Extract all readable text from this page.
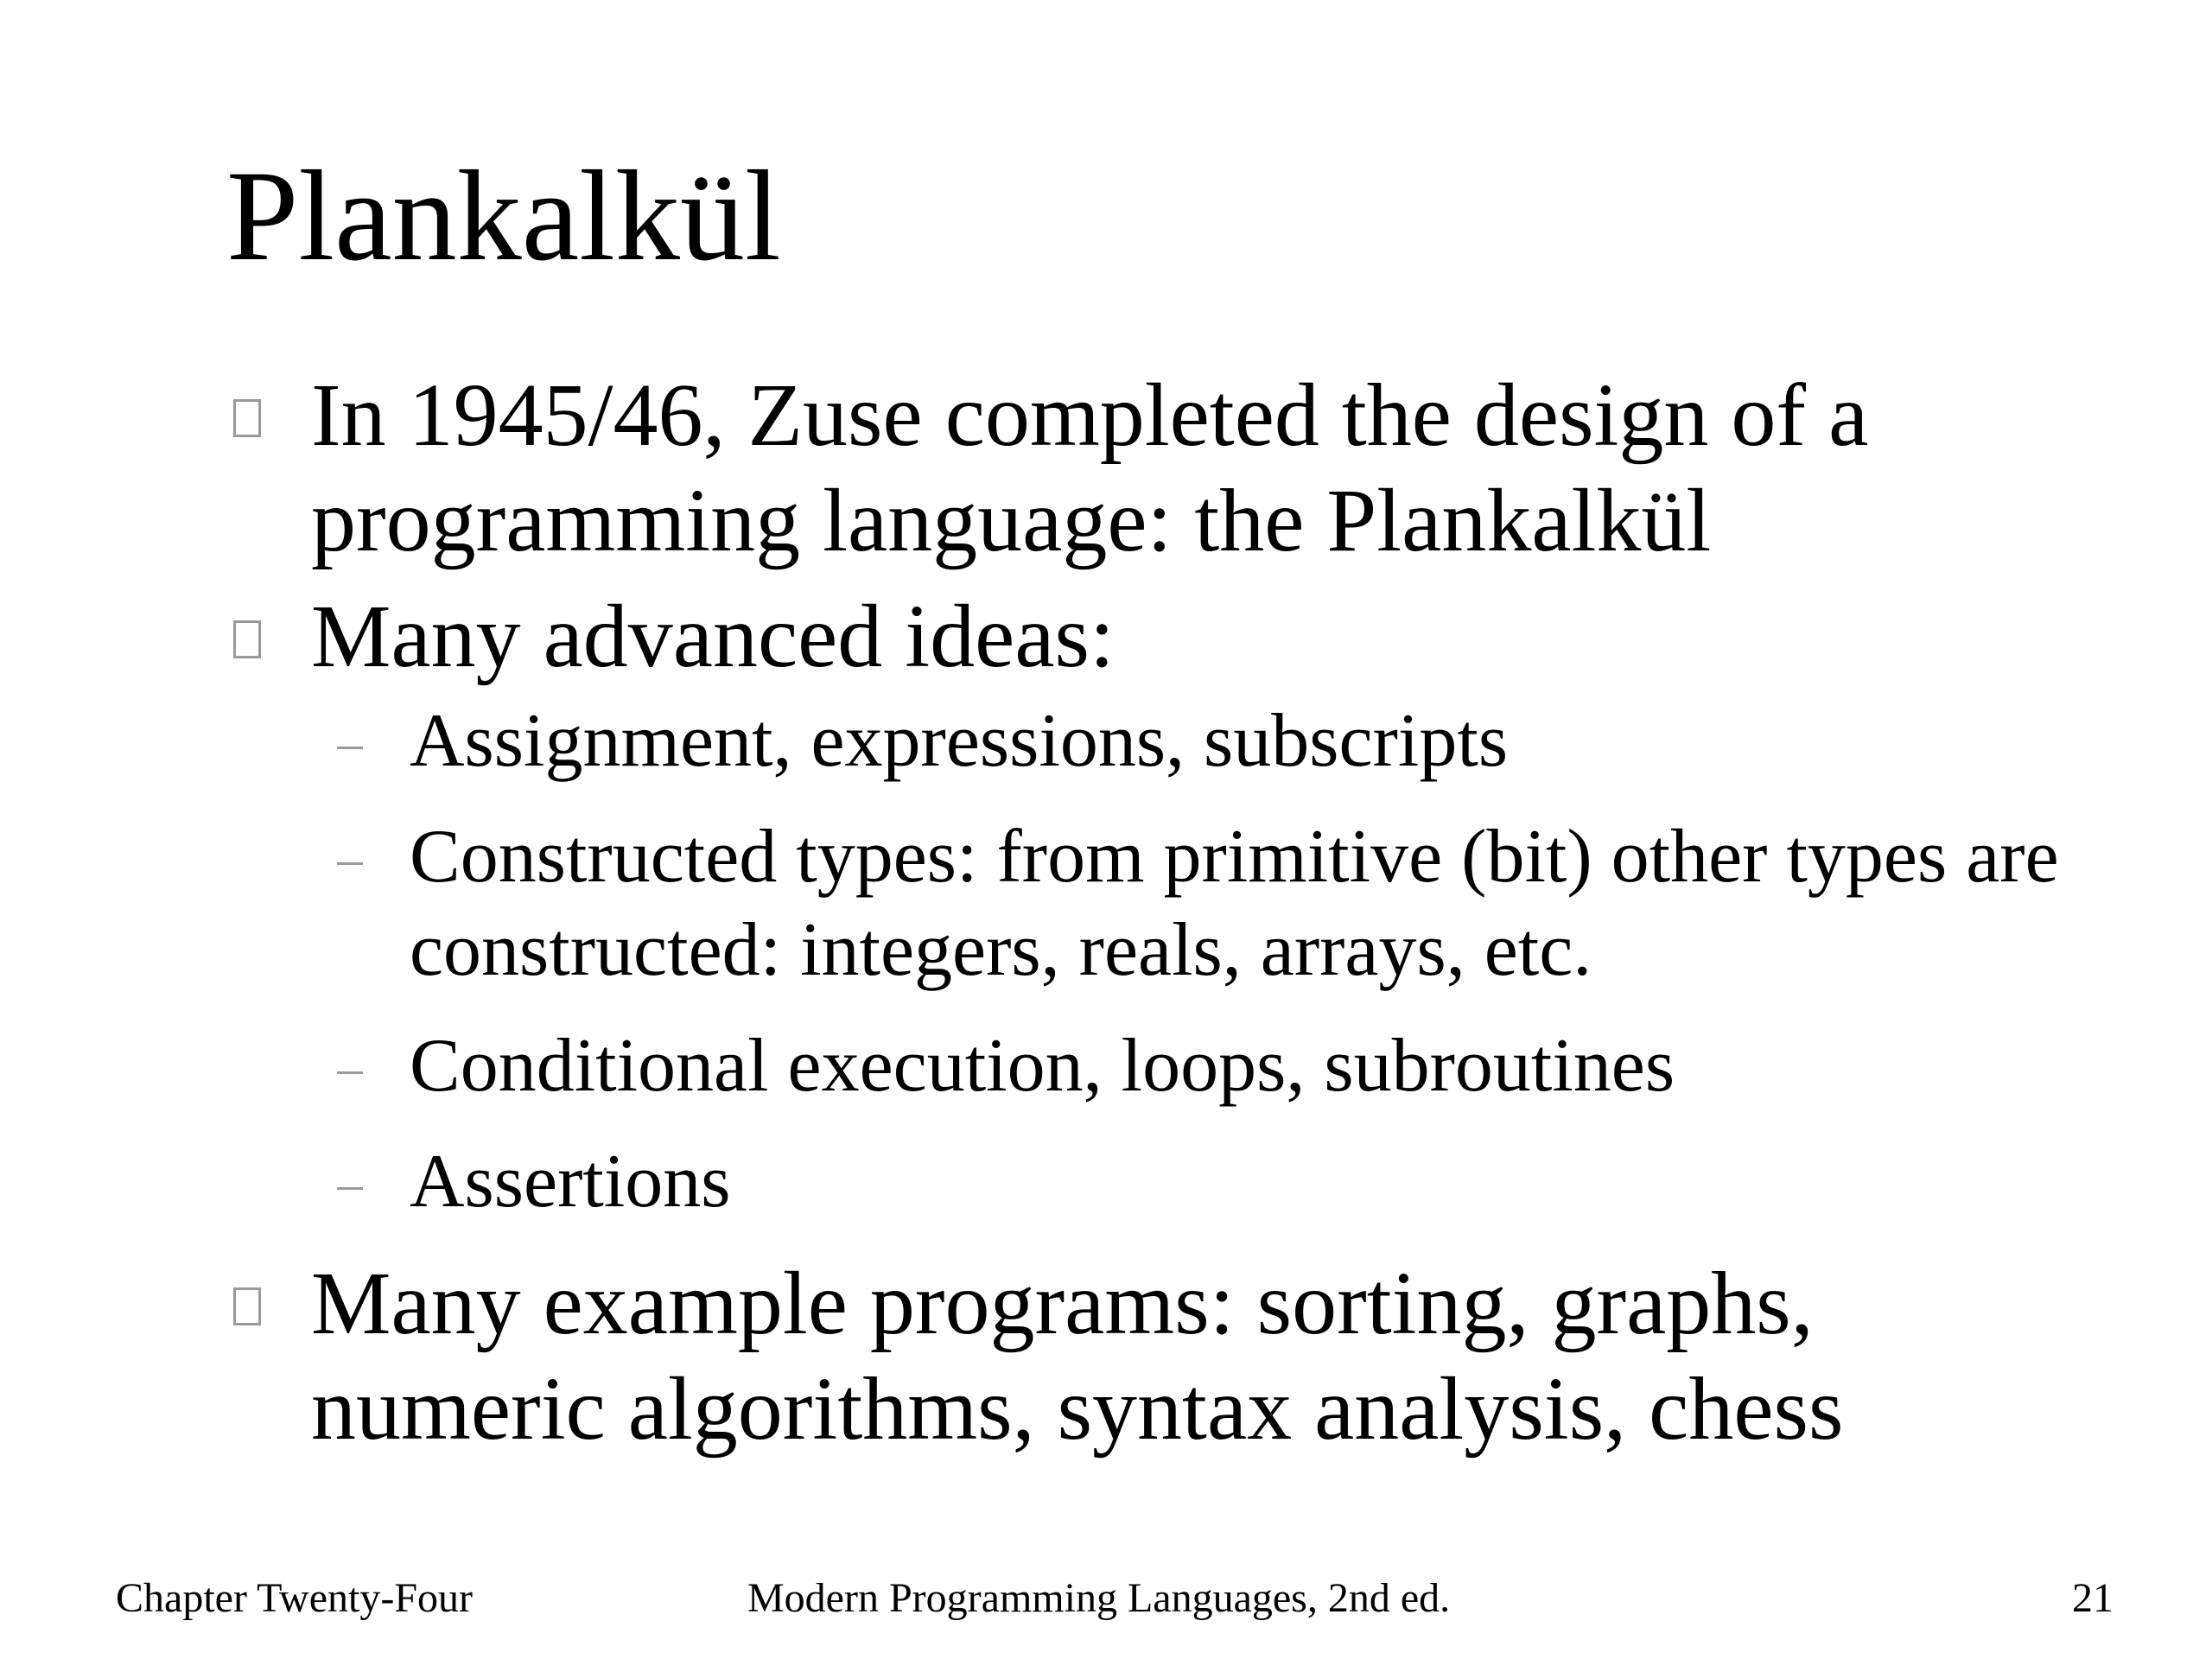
Plankalkül
In 1945/46, Zuse completed the design of a programming language: the Plankalkül
Many advanced ideas:
Assignment, expressions, subscripts
Constructed types: from primitive (bit) other types are constructed: integers, reals, arrays, etc.
Conditional execution, loops, subroutines
Assertions
Many example programs: sorting, graphs, numeric algorithms, syntax analysis, chess
Chapter Twenty-Four	Modern Programming Languages, 2nd ed.	21
